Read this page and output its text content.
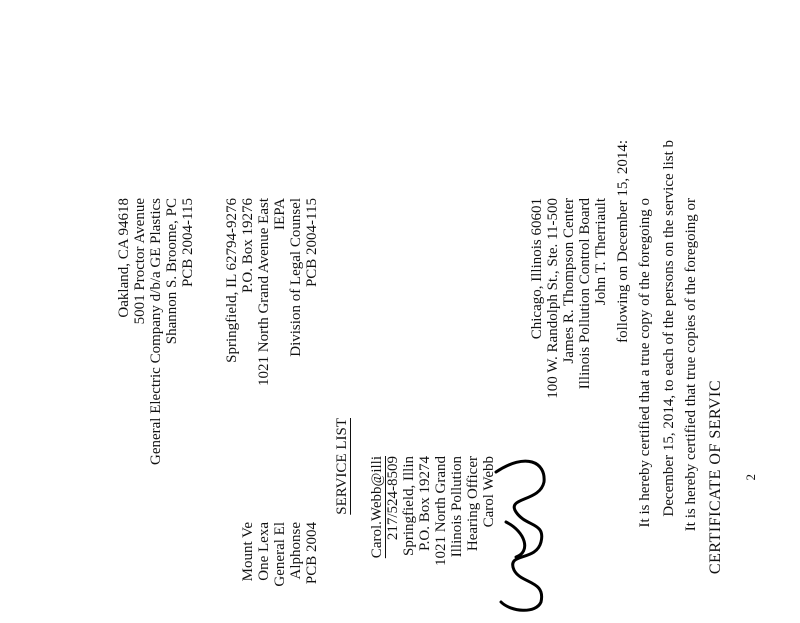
2
CERTIFICATE OF SERVIC
It is hereby certified that true copies of the foregoing or
December 15, 2014, to each of the persons on the service list b
It is hereby certified that a true copy of the foregoing o
following on December 15, 2014:
John T. Therriault
Illinois Pollution Control Board
James R. Thompson Center
100 W. Randolph St., Ste. 11-500
Chicago, Illinois 60601
SERVICE LIST
PCB 2004-115
Division of Legal Counsel
IEPA
1021 North Grand Avenue East
P.O. Box 19276
Springfield, IL 62794-9276
PCB 2004-115
Shannon S. Broome, PC
General Electric Company d/b/a GE Plastics
5001 Proctor Avenue
Oakland, CA 94618
Carol Webb
Hearing Officer
Illinois Pollution
1021 North Grand
P.O. Box 19274
Springfield, Illin
217/524-8509
Carol.Webb@illi
PCB 2004
Alphonse
General El
One Lexa
Mount Ve
